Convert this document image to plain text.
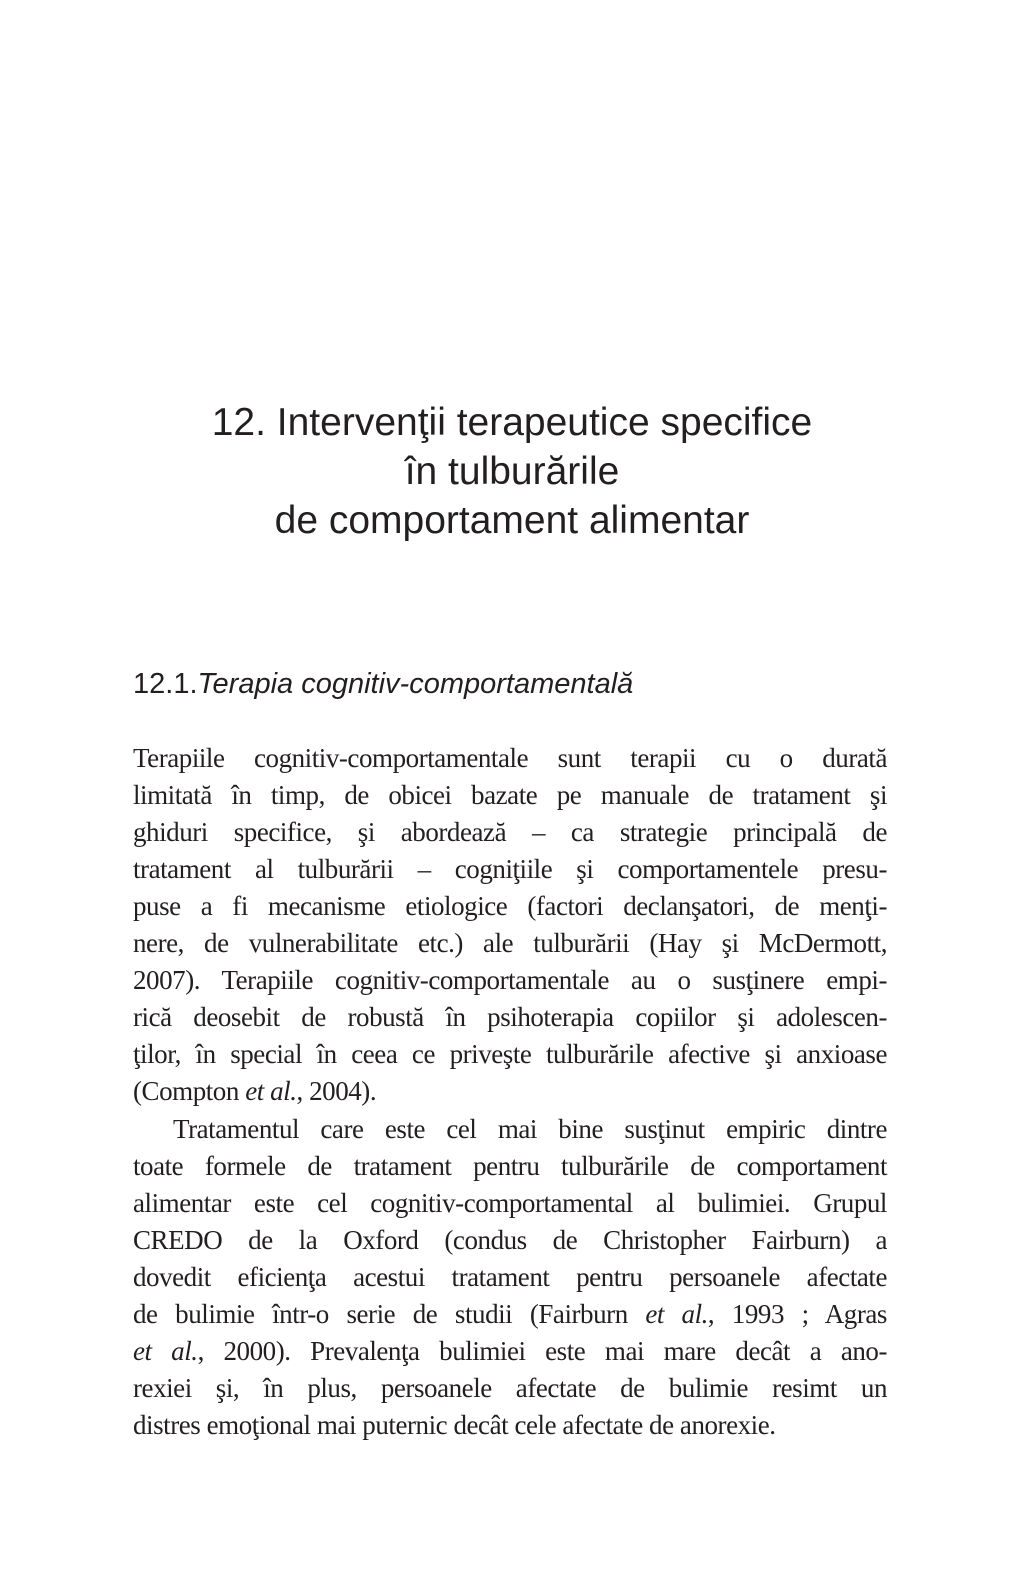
12. Intervenţii terapeutice specifice
în tulburările
de comportament alimentar
12.1.Terapia cognitiv-comportamentală
Terapiile cognitiv-comportamentale sunt terapii cu o durată
limitată în timp, de obicei bazate pe manuale de tratament şi
ghiduri specifice, şi abordează – ca strategie principală de
tratament al tulburării – cogniţiile şi comportamentele presu-
puse a fi mecanisme etiologice (factori declanşatori, de menţi-
nere, de vulnerabilitate etc.) ale tulburării (Hay şi McDermott,
2007). Terapiile cognitiv-comportamentale au o susţinere empi-
rică deosebit de robustă în psihoterapia copiilor şi adolescen-
ţilor, în special în ceea ce priveşte tulburările afective şi anxioase
(Compton et al., 2004).
Tratamentul care este cel mai bine susţinut empiric dintre
toate formele de tratament pentru tulburările de comportament
alimentar este cel cognitiv-comportamental al bulimiei. Grupul
CREDO de la Oxford (condus de Christopher Fairburn) a
dovedit eficienţa acestui tratament pentru persoanele afectate
de bulimie într-o serie de studii (Fairburn et al., 1993 ; Agras
et al., 2000). Prevalenţa bulimiei este mai mare decât a ano-
rexiei şi, în plus, persoanele afectate de bulimie resimt un
distres emoţional mai puternic decât cele afectate de anorexie.
